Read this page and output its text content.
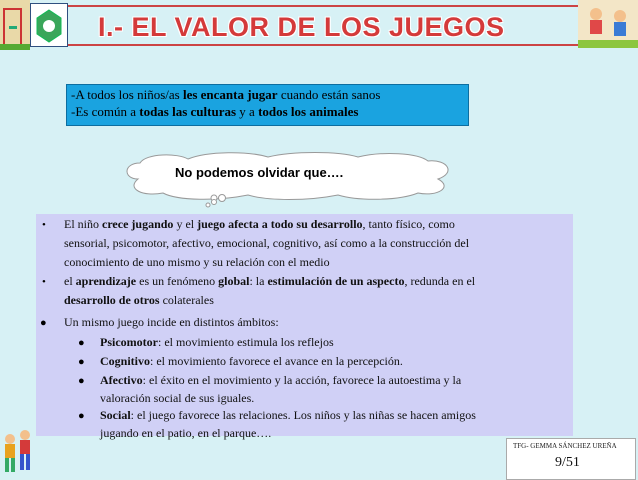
I.- EL VALOR DE LOS JUEGOS
-A todos los niños/as les encanta jugar cuando están sanos
-Es común a todas las culturas y a todos los animales
No podemos olvidar que….
• El niño crece jugando y el juego afecta a todo su desarrollo, tanto físico, como
sensorial, psicomotor, afectivo, emocional, cognitivo, así como a la construcción del
conocimiento de uno mismo y su relación con el medio
• el aprendizaje es un fenómeno global: la estimulación de un aspecto, redunda en el
desarrollo de otros colaterales
● Un mismo juego incide en distintos ámbitos:
● Psicomotor: el movimiento estimula los reflejos
● Cognitivo: el movimiento favorece el avance en la percepción.
● Afectivo: el éxito en el movimiento y la acción, favorece la autoestima y la
valoración social de sus iguales.
● Social: el juego favorece las relaciones. Los niños y las niñas se hacen amigos
jugando en el patio, en el parque….
TFG- GEMMA SÁNCHEZ UREÑA
9/51
